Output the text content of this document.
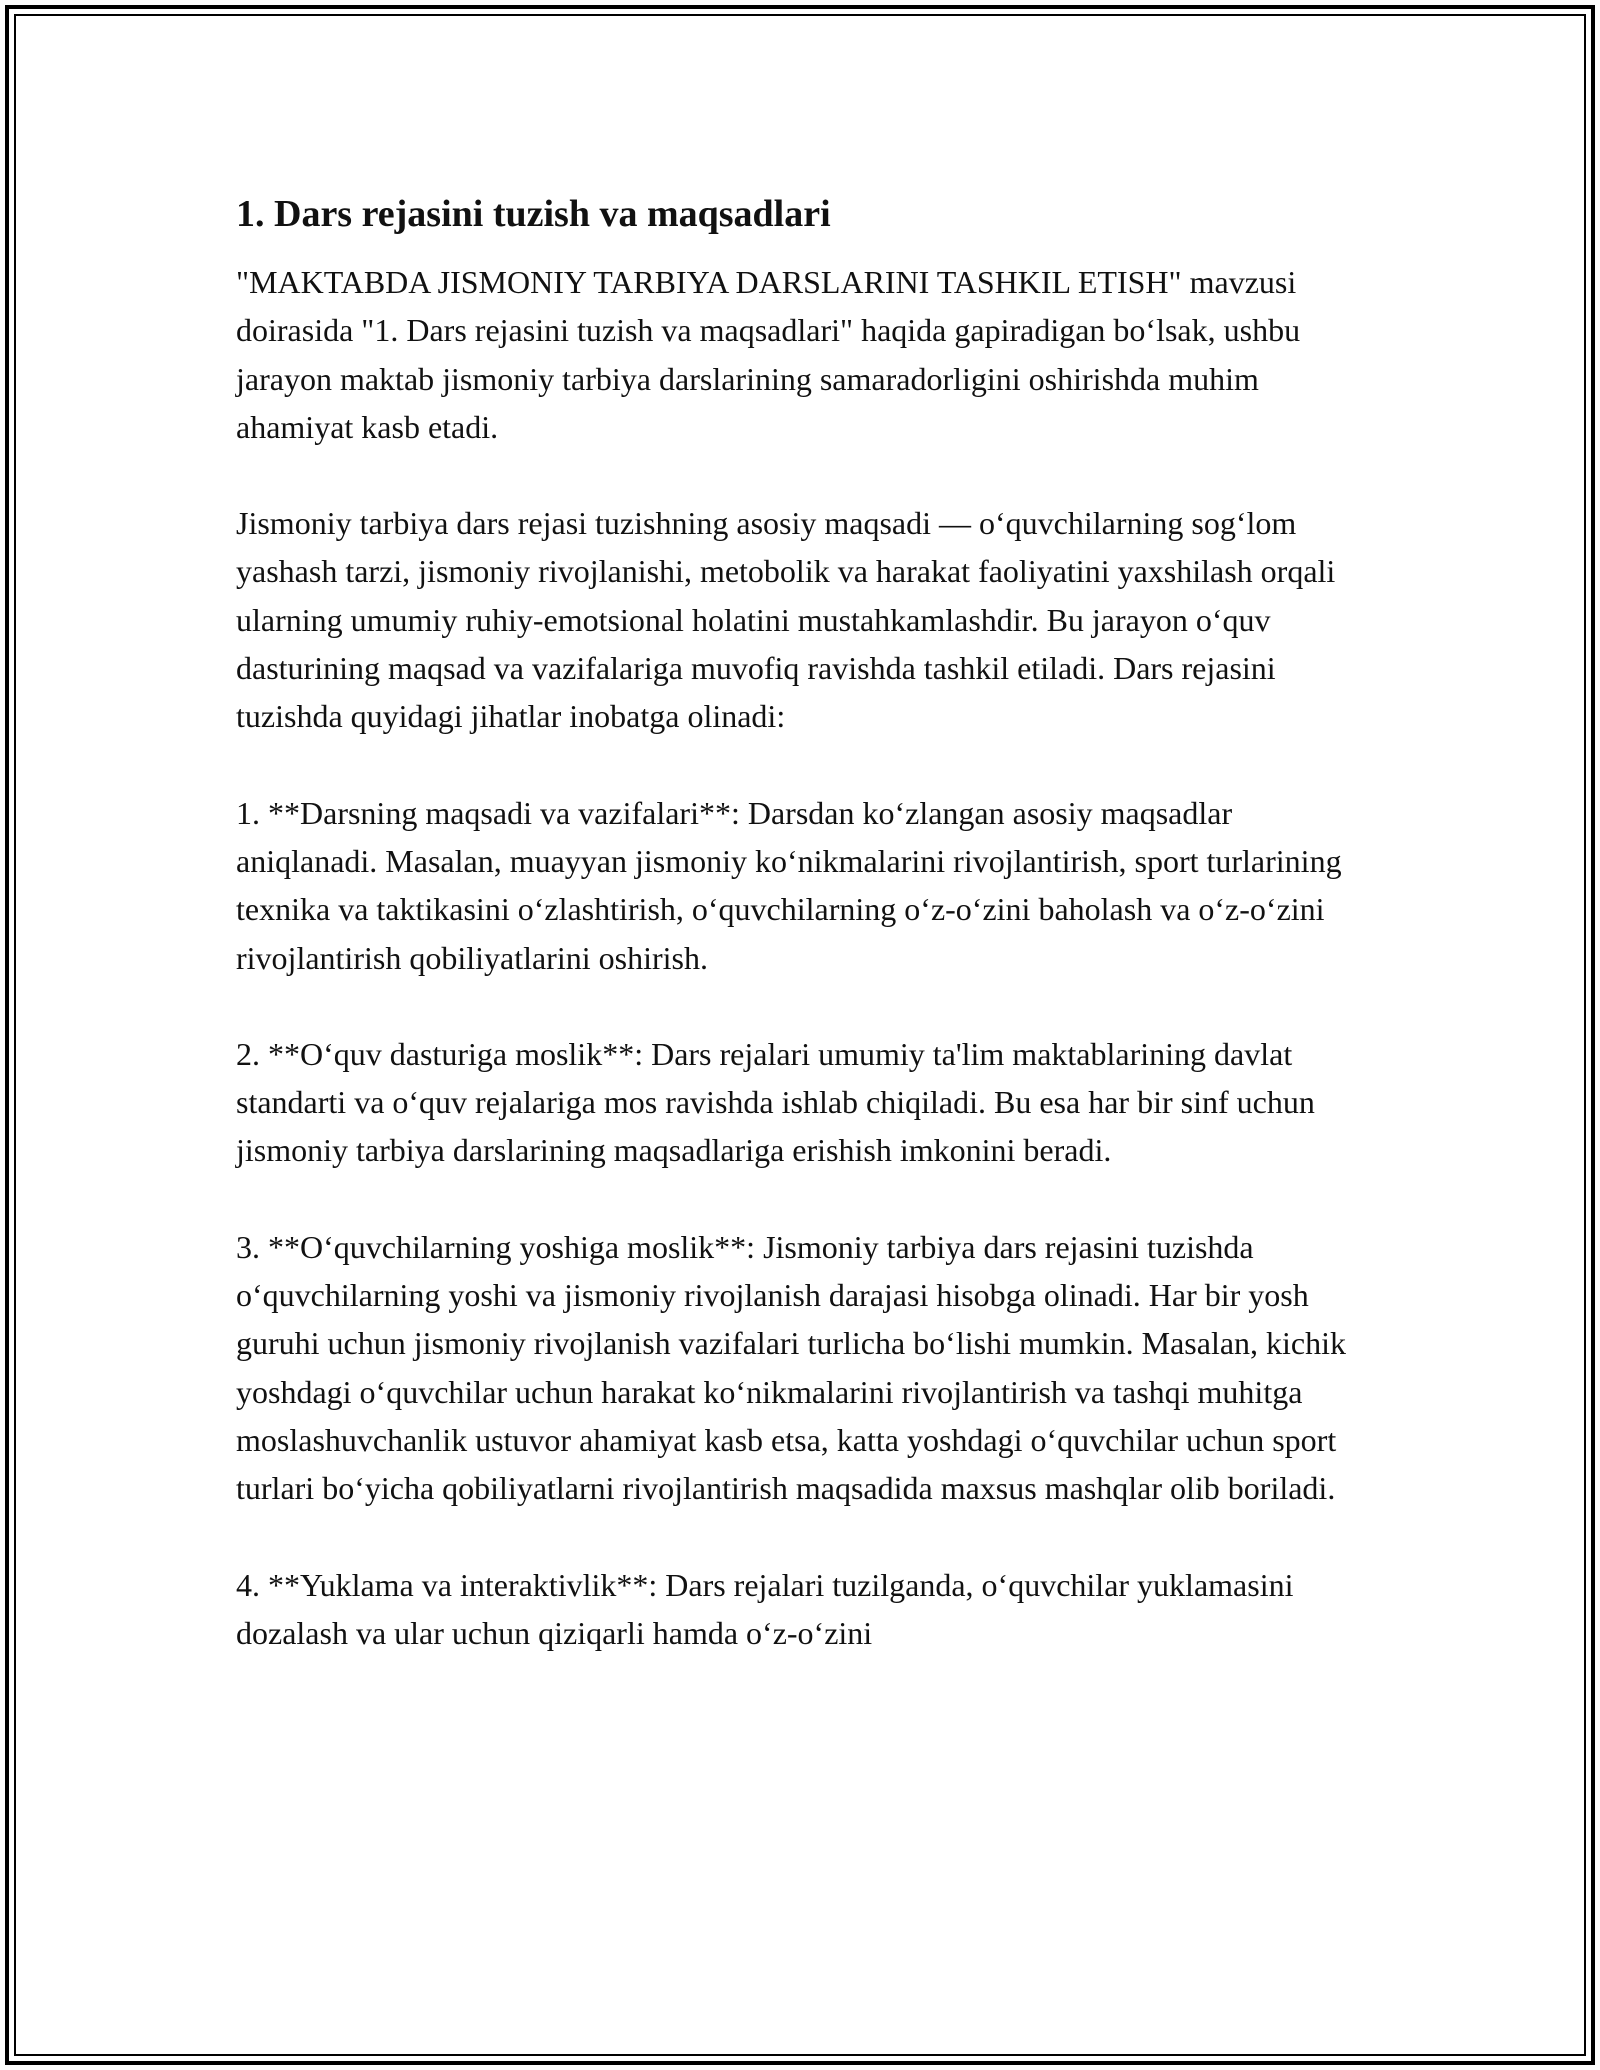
1. Dars rejasini tuzish va maqsadlari

"MAKTABDA JISMONIY TARBIYA DARSLARINI TASHKIL ETISH" mavzusi doirasida "1. Dars rejasini tuzish va maqsadlari" haqida gapiradigan boʻlsak, ushbu jarayon maktab jismoniy tarbiya darslarining samaradorligini oshirishda muhim ahamiyat kasb etadi.

Jismoniy tarbiya dars rejasi tuzishning asosiy maqsadi — oʻquvchilarning sogʻlom yashash tarzi, jismoniy rivojlanishi, metobolik va harakat faoliyatini yaxshilash orqali ularning umumiy ruhiy-emotsional holatini mustahkamlashdir. Bu jarayon oʻquv dasturining maqsad va vazifalariga muvofiq ravishda tashkil etiladi. Dars rejasini tuzishda quyidagi jihatlar inobatga olinadi:

1. **Darsning maqsadi va vazifalari**: Darsdan koʻzlangan asosiy maqsadlar aniqlanadi. Masalan, muayyan jismoniy koʻnikmalarini rivojlantirish, sport turlarining texnika va taktikasini oʻzlashtirish, oʻquvchilarning oʻz-oʻzini baholash va oʻz-oʻzini rivojlantirish qobiliyatlarini oshirish.

2. **Oʻquv dasturiga moslik**: Dars rejalari umumiy ta'lim maktablarining davlat standarti va oʻquv rejalariga mos ravishda ishlab chiqiladi. Bu esa har bir sinf uchun jismoniy tarbiya darslarining maqsadlariga erishish imkonini beradi.

3. **Oʻquvchilarning yoshiga moslik**: Jismoniy tarbiya dars rejasini tuzishda oʻquvchilarning yoshi va jismoniy rivojlanish darajasi hisobga olinadi. Har bir yosh guruhi uchun jismoniy rivojlanish vazifalari turlicha boʻlishi mumkin. Masalan, kichik yoshdagi oʻquvchilar uchun harakat koʻnikmalarini rivojlantirish va tashqi muhitga moslashuvchanlik ustuvor ahamiyat kasb etsa, katta yoshdagi oʻquvchilar uchun sport turlari boʻyicha qobiliyatlarni rivojlantirish maqsadida maxsus mashqlar olib boriladi.

4. **Yuklama va interaktivlik**: Dars rejalari tuzilganda, oʻquvchilar yuklamasini dozalash va ular uchun qiziqarli hamda oʻz-oʻzini
